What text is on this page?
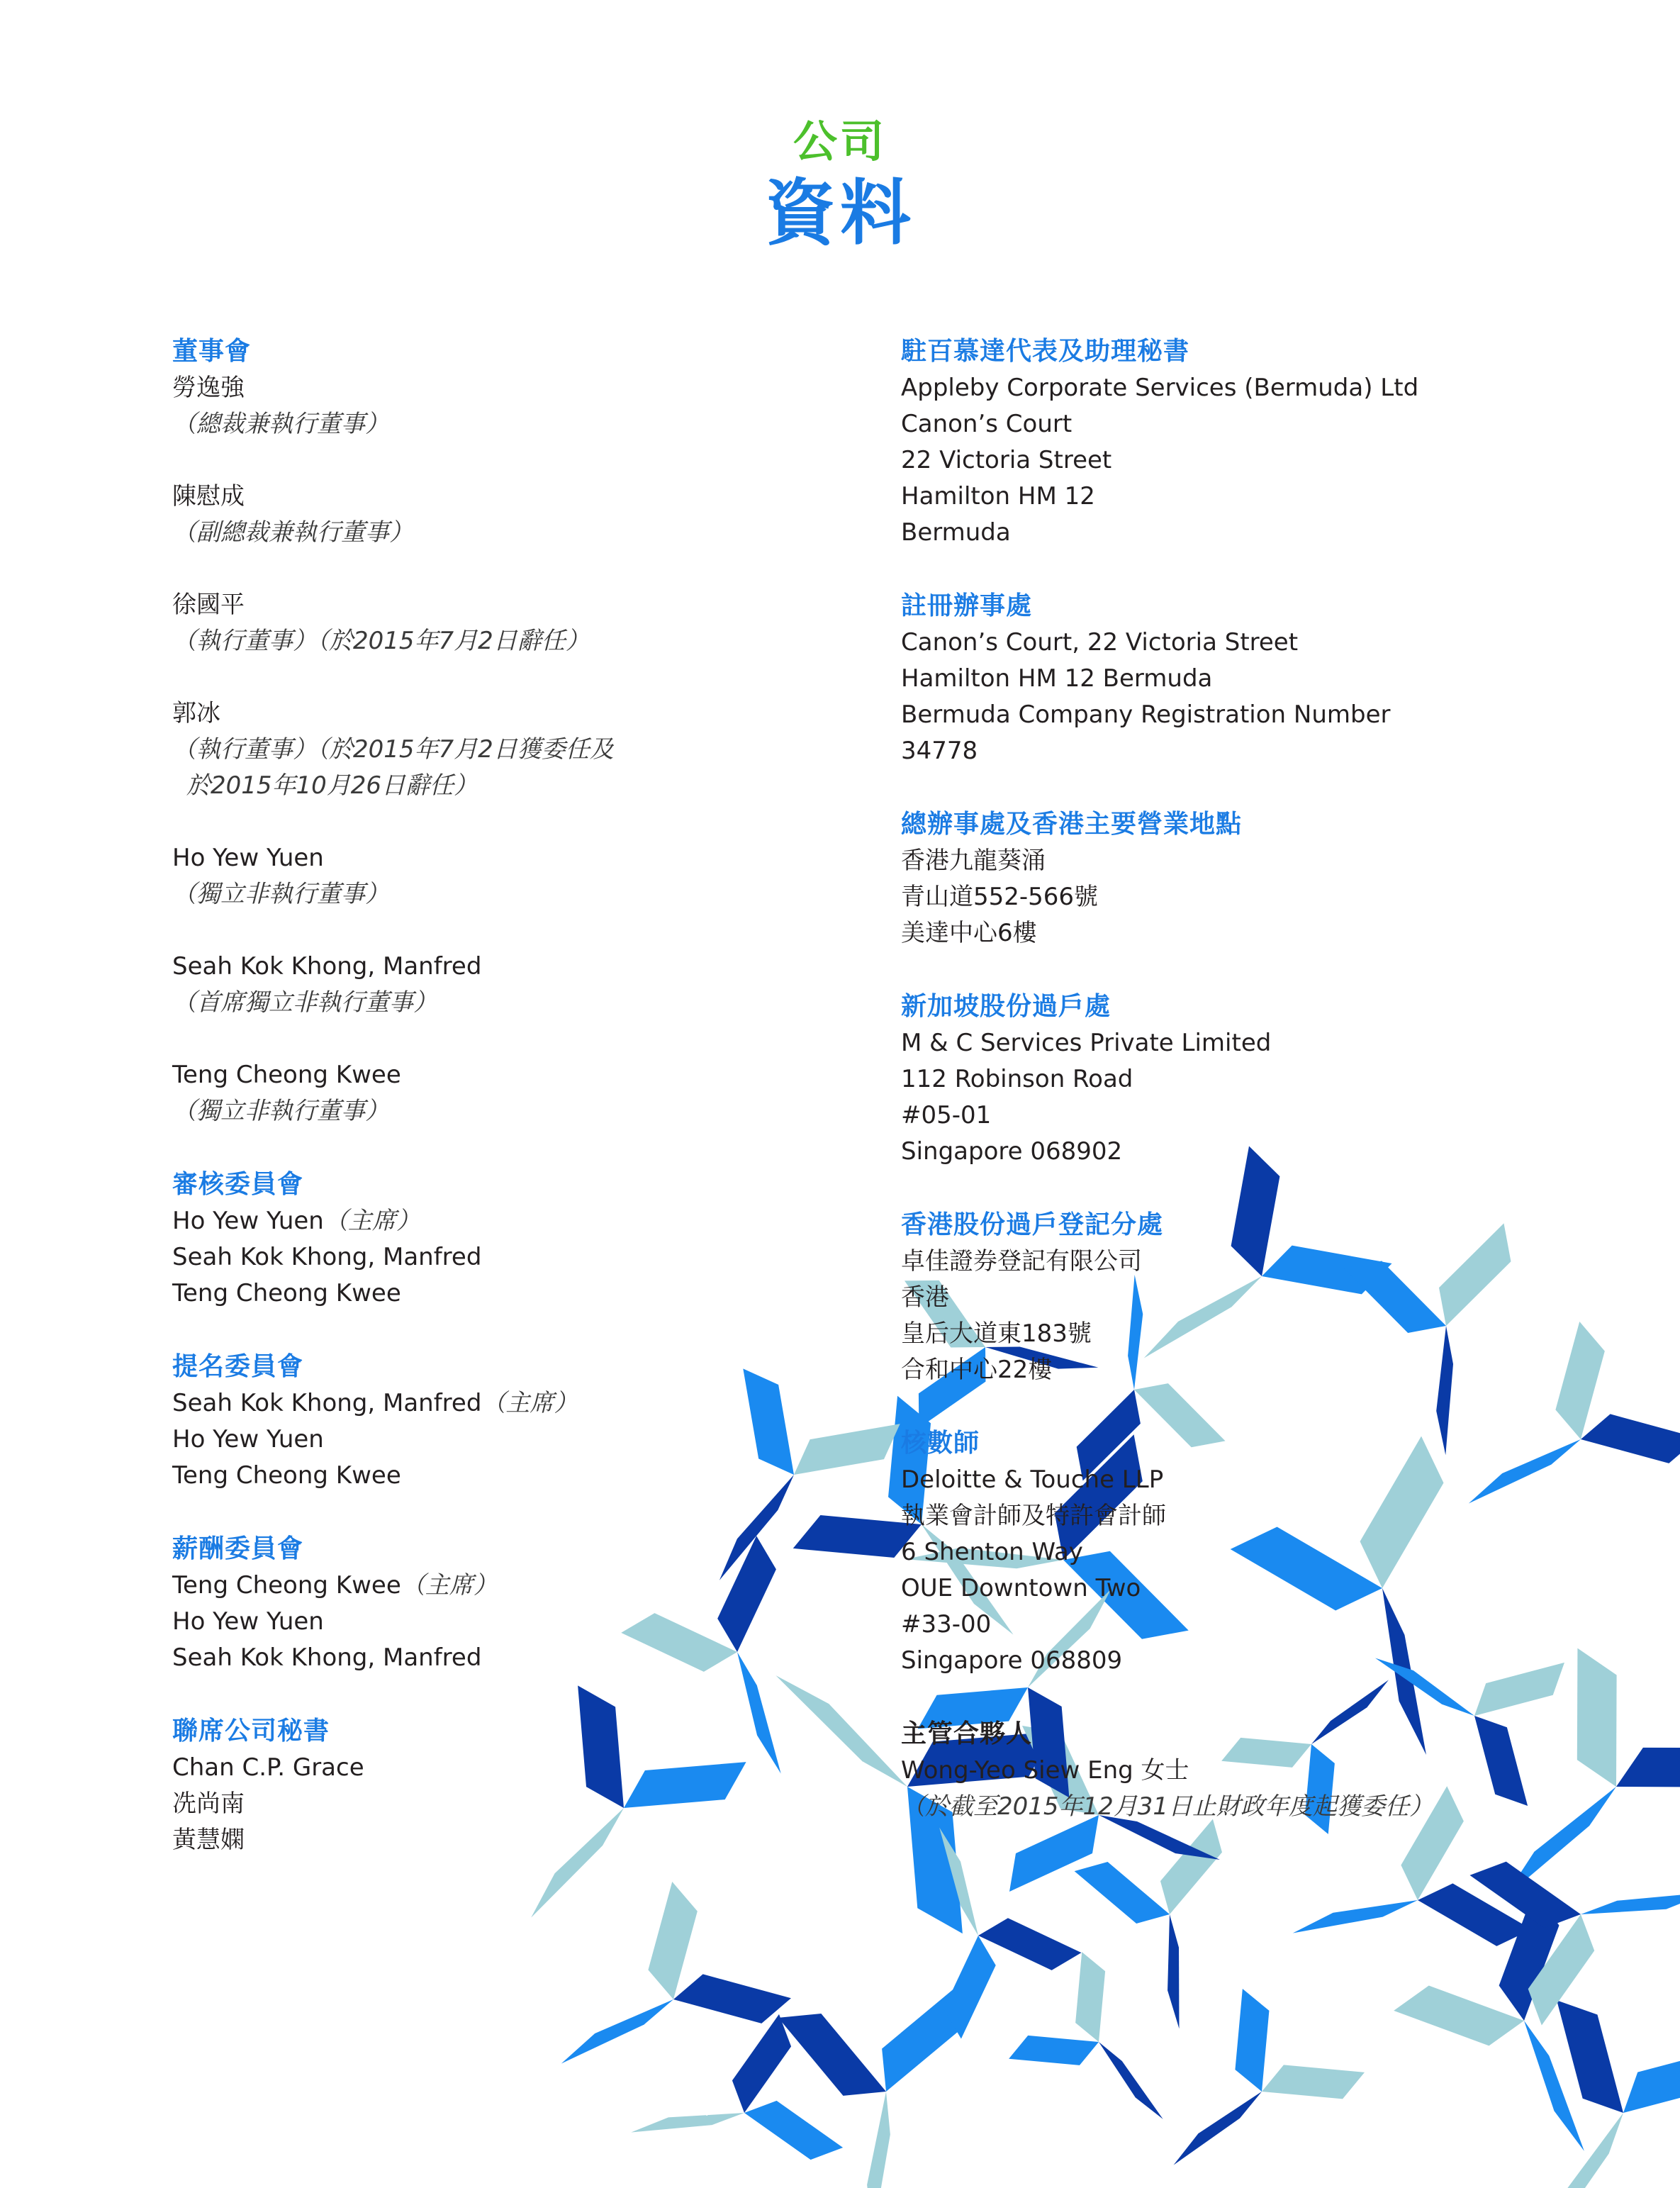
公司
資料
董事會
勞逸強
（總裁兼執行董事）
陳慰成
（副總裁兼執行董事）
徐國平
（執行董事）（於2015年7月2日辭任）
郭冰
（執行董事）（於2015年7月2日獲委任及
於2015年10月26日辭任）
Ho Yew Yuen
（獨立非執行董事）
Seah Kok Khong, Manfred
（首席獨立非執行董事）
Teng Cheong Kwee
（獨立非執行董事）
審核委員會
Ho Yew Yuen（主席）
Seah Kok Khong, Manfred
Teng Cheong Kwee
提名委員會
Seah Kok Khong, Manfred（主席）
Ho Yew Yuen
Teng Cheong Kwee
薪酬委員會
Teng Cheong Kwee（主席）
Ho Yew Yuen
Seah Kok Khong, Manfred
聯席公司秘書
Chan C.P. Grace
冼尚南
黃慧嫻
駐百慕達代表及助理秘書
Appleby Corporate Services (Bermuda) Ltd
Canon’s Court
22 Victoria Street
Hamilton HM 12
Bermuda
註冊辦事處
Canon’s Court, 22 Victoria Street
Hamilton HM 12 Bermuda
Bermuda Company Registration Number
34778
總辦事處及香港主要營業地點
香港九龍葵涌
青山道552-566號
美達中心6樓
新加坡股份過戶處
M & C Services Private Limited
112 Robinson Road
#05-01
Singapore 068902
香港股份過戶登記分處
卓佳證券登記有限公司
香港
皇后大道東183號
合和中心22樓
核數師
Deloitte & Touche LLP
執業會計師及特許會計師
6 Shenton Way
OUE Downtown Two
#33-00
Singapore 068809
主管合夥人
Wong-Yeo Siew Eng 女士
（於截至2015年12月31日止財政年度起獲委任）
05公司  |  二零
